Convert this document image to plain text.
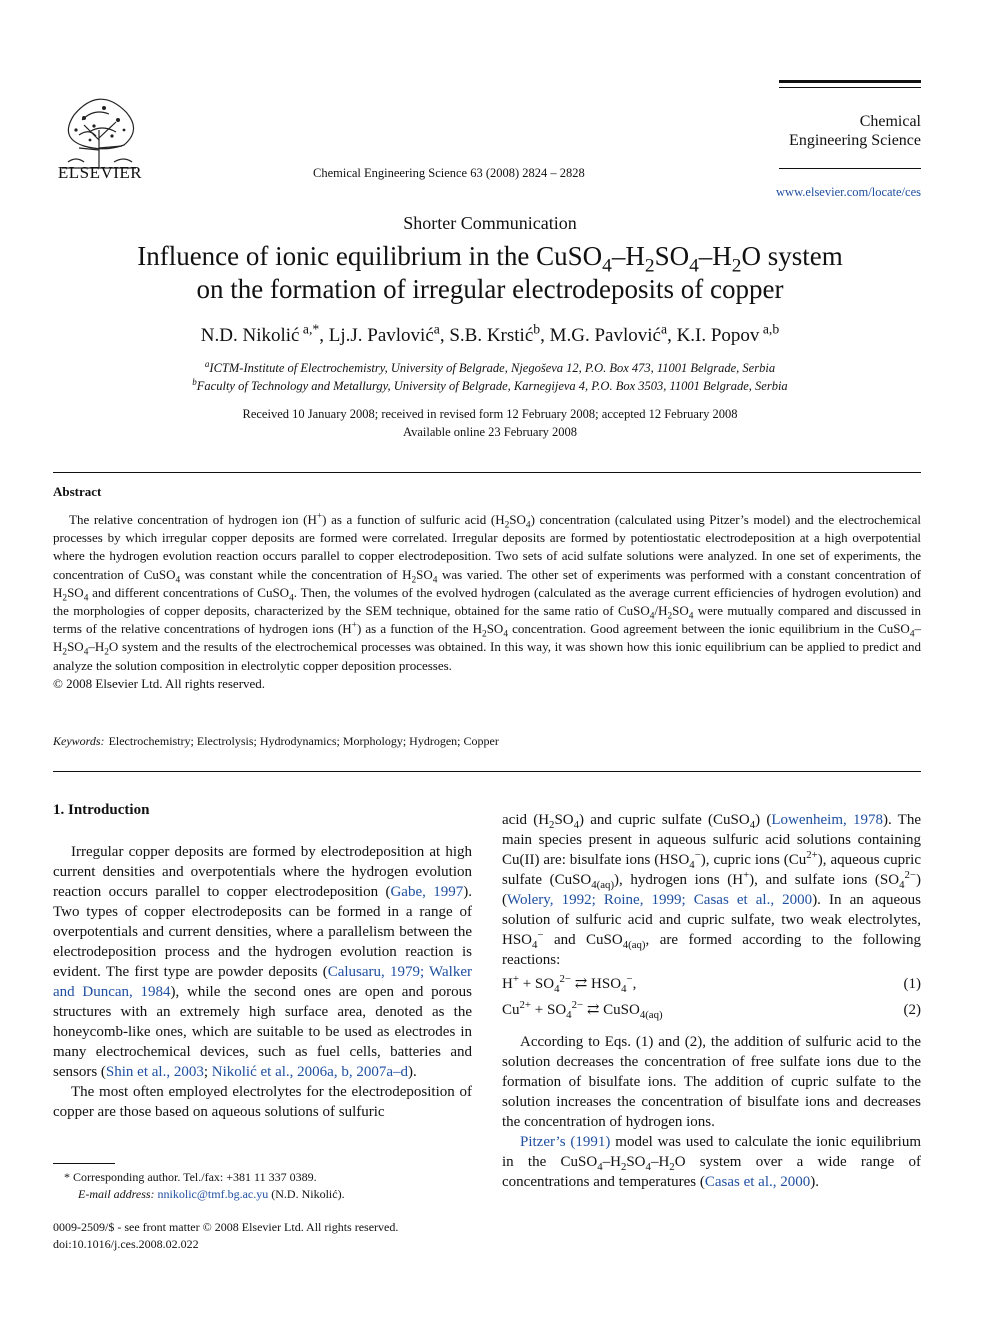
ELSEVIER	Chemical Engineering Science 63 (2008) 2824 – 2828
Chemical
Engineering Science
www.elsevier.com/locate/ces
Shorter Communication
Influence of ionic equilibrium in the $CuSO_4-H_2SO_4-H_2O$ system
on the formation of irregular electrodeposits of copper
N.D. Nikolić $^{a,*}$, Lj.J. Pavlović$^a$, S.B. Krstić$^b$, M.G. Pavlović$^a$, K.I. Popov $^{a,b}$
$^a$ICTM-Institute of Electrochemistry, University of Belgrade, Njegoševa 12, P.O. Box 473, 11001 Belgrade, Serbia
$^b$Faculty of Technology and Metallurgy, University of Belgrade, Karnegijeva 4, P.O. Box 3503, 11001 Belgrade, Serbia
Received 10 January 2008; received in revised form 12 February 2008; accepted 12 February 2008
Available online 23 February 2008
Abstract

The relative concentration of hydrogen ion (H+) as a function of sulfuric acid $(H_2SO_4)$ concentration (calculated using Pitzer’s model) and the electrochemical processes by which irregular copper deposits are formed were correlated. Irregular deposits are formed by potentiostatic electrodeposition at a high overpotential where the hydrogen evolution reaction occurs parallel to copper electrodeposition. Two sets of acid sulfate solutions were analyzed. In one set of experiments, the concentration of CuSO$_4$ was constant while the concentration of $H_2SO_4$ was varied. The other set of experiments was performed with a constant concentration of $H_2SO_4$ and different concentrations of CuSO$_4$. Then, the volumes of the evolved hydrogen (calculated as the average current efficiencies of hydrogen evolution) and the morphologies of copper deposits, characterized by the SEM technique, obtained for the same ratio of $CuSO_4/H_2SO_4$ were mutually compared and discussed in terms of the relative concentrations of hydrogen ions (H+) as a function of the $H_2SO_4$ concentration. Good agreement between the ionic equilibrium in the $CuSO_4-H_2SO_4-H_2O$ system and the results of the electrochemical processes was obtained. In this way, it was shown how this ionic equilibrium can be applied to predict and analyze the solution composition in electrolytic copper deposition processes.

© 2008 Elsevier Ltd. All rights reserved.

Keywords: Electrochemistry; Electrolysis; Hydrodynamics; Morphology; Hydrogen; Copper
1. Introduction

Irregular copper deposits are formed by electrodeposition at high current densities and overpotentials where the hydrogen evolution reaction occurs parallel to copper electrodeposition (Gabe, 1997). Two types of copper electrodeposits can be formed in a range of overpotentials and current densities, where a parallelism between the electrodeposition process and the hydrogen evolution reaction is evident. The first type are powder deposits (Calusaru, 1979; Walker and Duncan, 1984), while the second ones are open and porous structures with an extremely high surface area, denoted as the honeycomb-like ones, which are suitable to be used as electrodes in many electrochemical devices, such as fuel cells, batteries and sensors (Shin et al., 2003; Nikolić et al., 2006a, b, 2007a–d).

The most often employed electrolytes for the electrodeposition of copper are those based on aqueous solutions of sulfuric

acid $(H_2SO_4)$ and cupric sulfate (CuSO$_4$) (Lowenheim, 1978). The main species present in aqueous sulfuric acid solutions containing Cu(II) are: bisulfate ions $(HSO_4^-)$, cupric ions $(Cu^{2+})$, aqueous cupric sulfate (CuSO$_{4(aq)}$), hydrogen ions (H+), and sulfate ions $(SO_4^{2-})$ (Wolery, 1992; Roine, 1999; Casas et al., 2000). In an aqueous solution of sulfuric acid and cupric sulfate, two weak electrolytes, $HSO_4^-$ and CuSO$_{4(aq)}$, are formed according to the following reactions:

$H^+ + SO_4^{2-}$ ⇄ $HSO_4^-$,	(1)
$Cu^{2+} + SO_4^{2-}$ ⇄ CuSO$_{4(aq)}$	(2)

According to Eqs. (1) and (2), the addition of sulfuric acid to the solution decreases the concentration of free sulfate ions due to the formation of bisulfate ions. The addition of cupric sulfate to the solution increases the concentration of bisulfate ions and decreases the concentration of hydrogen ions.

Pitzer’s (1991) model was used to calculate the ionic equilibrium in the $CuSO_4-H_2SO_4-H_2O$ system over a wide range of concentrations and temperatures (Casas et al., 2000).

* Corresponding author. Tel./fax: +381 11 337 0389.
E-mail address: nnikolic@tmf.bg.ac.yu (N.D. Nikolić).
0009-2509/$ - see front matter © 2008 Elsevier Ltd. All rights reserved.
doi:10.1016/j.ces.2008.02.022
